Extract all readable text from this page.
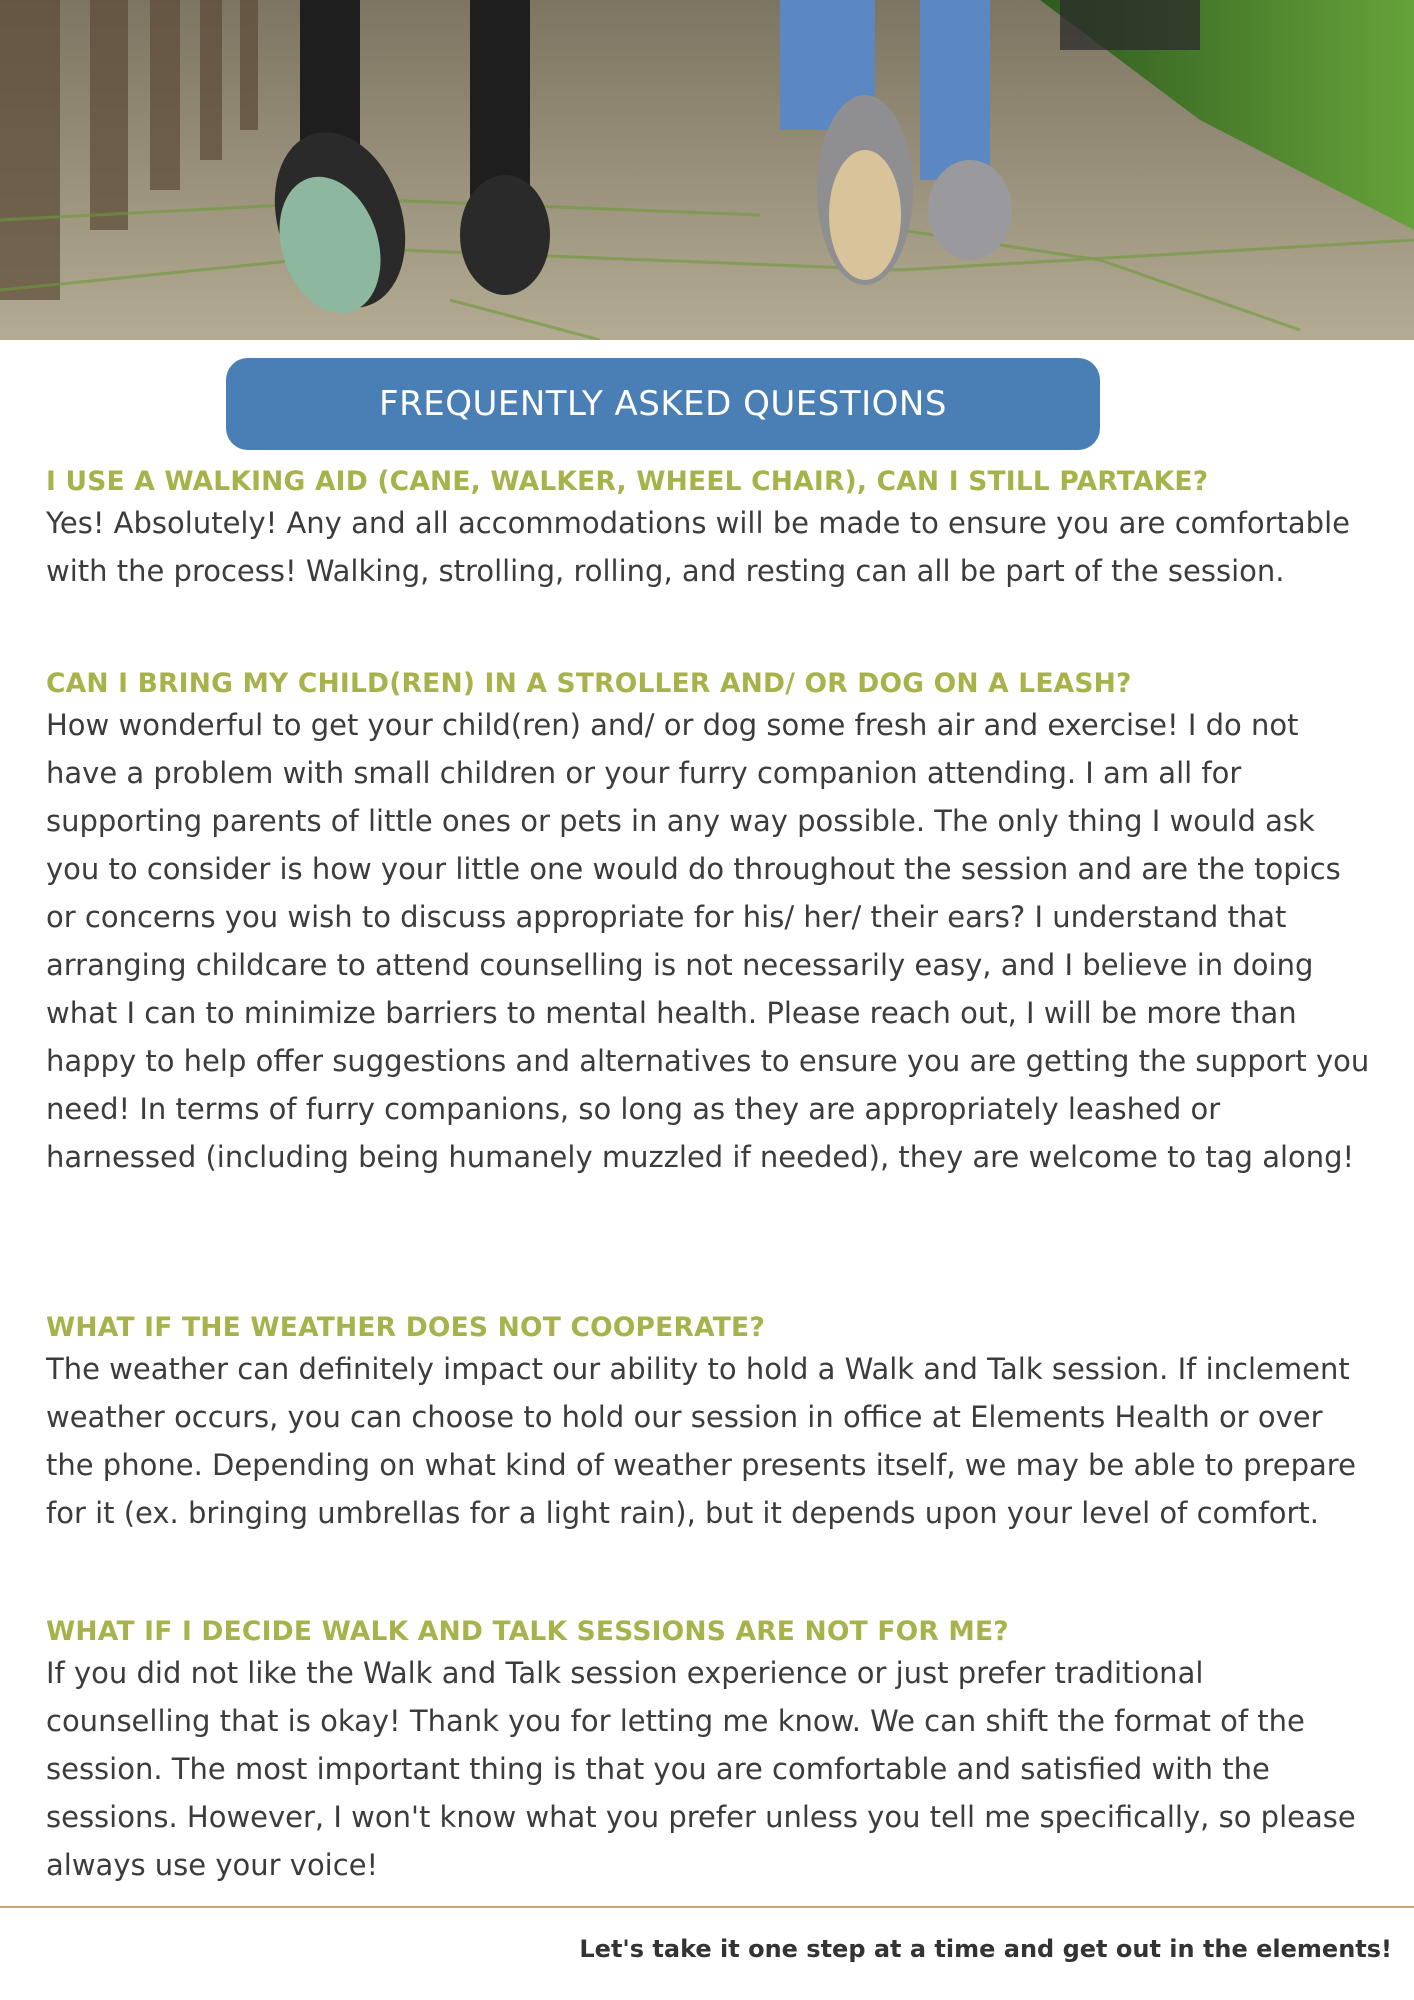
FREQUENTLY ASKED QUESTIONS
I USE A WALKING AID (CANE, WALKER, WHEEL CHAIR), CAN I STILL PARTAKE?
Yes! Absolutely! Any and all accommodations will be made to ensure you are comfortable with the process! Walking, strolling, rolling, and resting can all be part of the session.
CAN I BRING MY CHILD(REN) IN A STROLLER AND/ OR DOG ON A LEASH?
How wonderful to get your child(ren) and/ or dog some fresh air and exercise! I do not have a problem with small children or your furry companion attending. I am all for supporting parents of little ones or pets in any way possible. The only thing I would ask you to consider is how your little one would do throughout the session and are the topics or concerns you wish to discuss appropriate for his/ her/ their ears? I understand that arranging childcare to attend counselling is not necessarily easy, and I believe in doing what I can to minimize barriers to mental health. Please reach out, I will be more than happy to help offer suggestions and alternatives to ensure you are getting the support you need! In terms of furry companions, so long as they are appropriately leashed or harnessed (including being humanely muzzled if needed), they are welcome to tag along!
WHAT IF THE WEATHER DOES NOT COOPERATE?
The weather can definitely impact our ability to hold a Walk and Talk session. If inclement weather occurs, you can choose to hold our session in office at Elements Health or over the phone. Depending on what kind of weather presents itself, we may be able to prepare for it (ex. bringing umbrellas for a light rain), but it depends upon your level of comfort.
WHAT IF I DECIDE WALK AND TALK SESSIONS ARE NOT FOR ME?
If you did not like the Walk and Talk session experience or just prefer traditional counselling that is okay! Thank you for letting me know. We can shift the format of the session. The most important thing is that you are comfortable and satisfied with the sessions. However, I won't know what you prefer unless you tell me specifically, so please always use your voice!
Let's take it one step at a time and get out in the elements!
